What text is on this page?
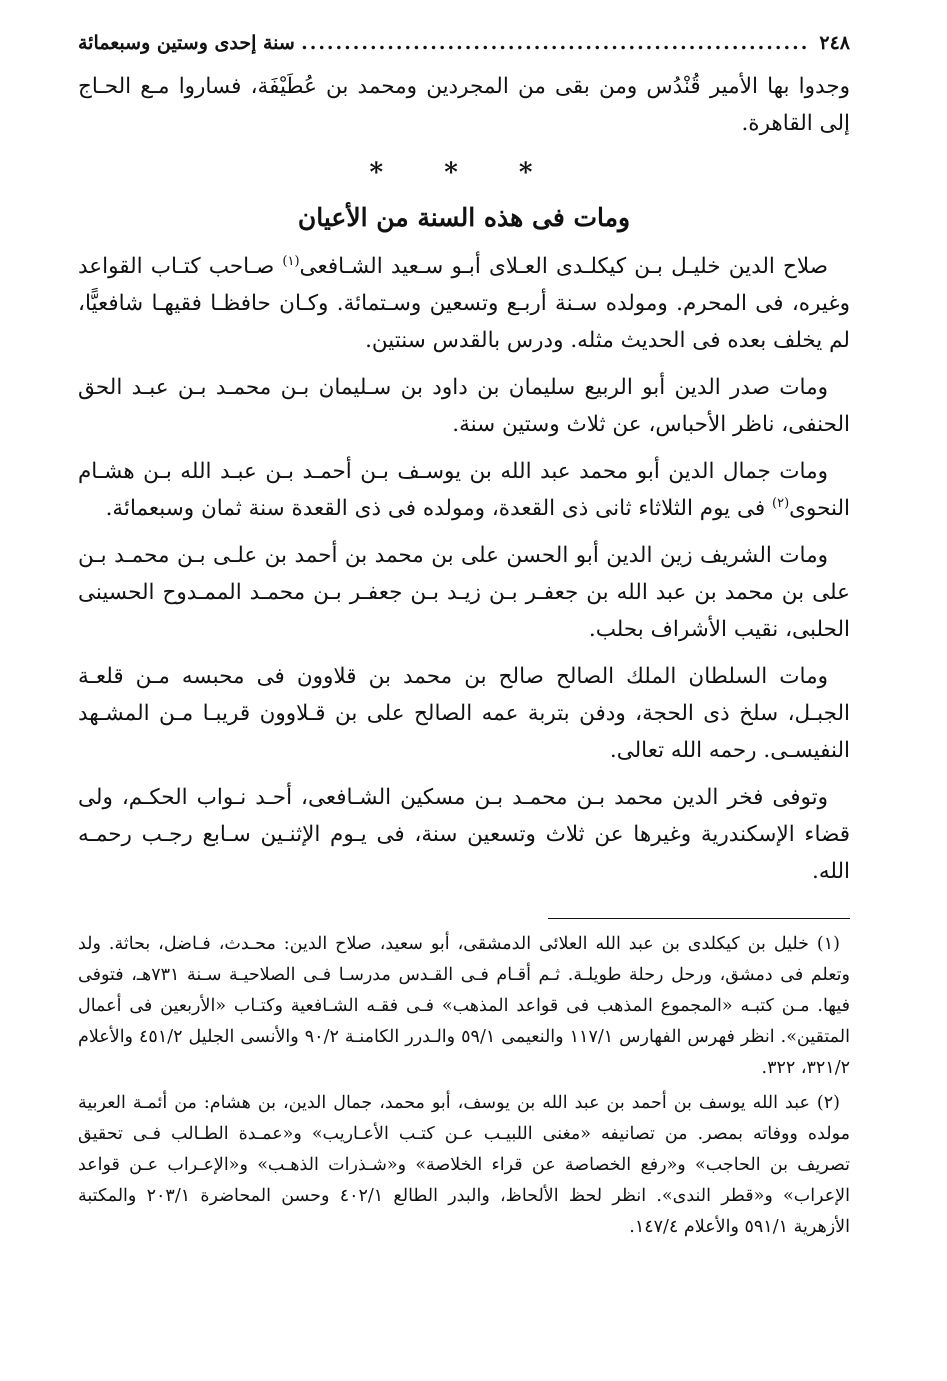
٢٤٨
.....
سنة إحدى وستين وسبعمائة

وجدوا بها الأمير قُنْدُس ومن بقى من المجردين ومحمد بن عُطَيْفَة، فساروا مـع الحـاج إلى القاهرة.

* * *
ومات فى هذه السنة من الأعيان

صلاح الدين خليـل بـن كيكلـدى العـلاى أبـو سـعيد الشـافعى$^{(١)}$ صـاحب كتـاب القواعد وغيره، فى المحرم. ومولده سـنة أربـع وتسعين وسـتمائة. وكـان حافظـا فقيهـا شافعيًّا، لم يخلف بعده فى الحديث مثله. ودرس بالقدس سنتين.

ومات صدر الدين أبو الربيع سليمان بن داود بن سـليمان بـن محمـد بـن عبـد الحق الحنفى، ناظر الأحباس، عن ثلاث وستين سنة.

ومات جمال الدين أبو محمد عبد الله بن يوسـف بـن أحمـد بـن عبـد الله بـن هشـام النحوى$^{(٢)}$ فى يوم الثلاثاء ثانى ذى القعدة، ومولده فى ذى القعدة سنة ثمان وسبعمائة.

ومات الشريف زين الدين أبو الحسن على بن محمد بن أحمد بن علـى بـن محمـد بـن على بن محمد بن عبد الله بن جعفـر بـن زيـد بـن جعفـر بـن محمـد الممـدوح الحسينى الحلبى، نقيب الأشراف بحلب.

ومات السلطان الملك الصالح صالح بن محمد بن قلاوون فى محبسه مـن قلعـة الجبـل، سلخ ذى الحجة، ودفن بتربة عمه الصالح على بن قـلاوون قريبـا مـن المشـهد النفيسـى. رحمه الله تعالى.

وتوفى فخر الدين محمد بـن محمـد بـن مسكين الشـافعى، أحـد نـواب الحكـم، ولى قضاء الإسكندرية وغيرها عن ثلاث وتسعين سنة، فى يـوم الإثنـين سـابع رجـب رحمـه الله.

(١) خليل بن كيكلدى بن عبد الله العلائى الدمشقى، أبو سعيد، صلاح الدين: محـدث، فـاضل، بحاثة. ولد وتعلم فى دمشق، ورحل رحلة طويلـة. ثـم أقـام فـى القـدس مدرسـا فـى الصلاحيـة سـنة ٧٣١هـ، فتوفى فيها. مـن كتبـه «المجموع المذهب فى قواعد المذهب» فـى فقـه الشـافعية وكتـاب «الأربعين فى أعمال المتقين». انظر فهرس الفهارس ١١٧/١ والنعيمى ٥٩/١ والـدرر الكامنـة ٩٠/٢ والأنسى الجليل ٤٥١/٢ والأعلام ٣٢١/٢، ٣٢٢.

(٢) عبد الله يوسف بن أحمد بن عبد الله بن يوسف، أبو محمد، جمال الدين، بن هشام: من أئمـة العربية مولده ووفاته بمصر. من تصانيفه «مغنى اللبيـب عـن كتـب الأعـاريب» و«عمـدة الطـالب فـى تحقيق تصريف بن الحاجب» و«رفع الخصاصة عن قراء الخلاصة» و«شـذرات الذهـب» و«الإعـراب عـن قواعد الإعراب» و«قطر الندى». انظر لحظ الألحاظ، والبدر الطالع ٤٠٢/١ وحسن المحاضرة ٢٠٣/١ والمكتبة الأزهرية ٥٩١/١ والأعلام ١٤٧/٤.
